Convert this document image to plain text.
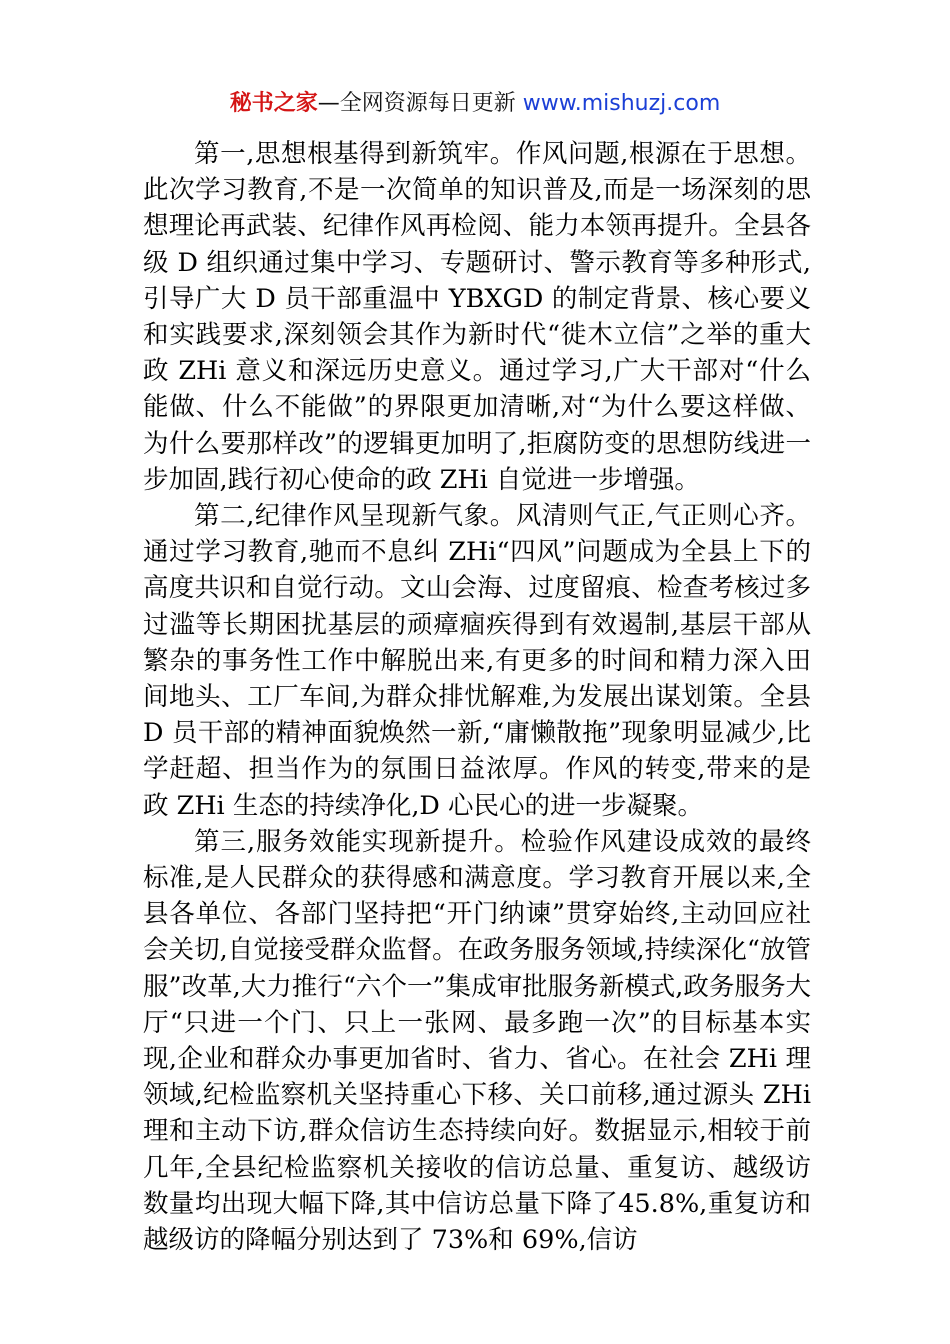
秘书之家—全网资源每日更新 www.mishuzj.com

第一,思想根基得到新筑牢。作风问题,根源在于思想。此次学习教育,不是一次简单的知识普及,而是一场深刻的思想理论再武装、纪律作风再检阅、能力本领再提升。全县各级 D 组织通过集中学习、专题研讨、警示教育等多种形式,引导广大 D 员干部重温中 YBXGD 的制定背景、核心要义和实践要求,深刻领会其作为新时代“徙木立信”之举的重大政 ZHi 意义和深远历史意义。通过学习,广大干部对“什么能做、什么不能做”的界限更加清晰,对“为什么要这样做、为什么要那样改”的逻辑更加明了,拒腐防变的思想防线进一步加固,践行初心使命的政 ZHi 自觉进一步增强。

第二,纪律作风呈现新气象。风清则气正,气正则心齐。通过学习教育,驰而不息纠 ZHi“四风”问题成为全县上下的高度共识和自觉行动。文山会海、过度留痕、检查考核过多过滥等长期困扰基层的顽瘴痼疾得到有效遏制,基层干部从繁杂的事务性工作中解脱出来,有更多的时间和精力深入田间地头、工厂车间,为群众排忧解难,为发展出谋划策。全县 D 员干部的精神面貌焕然一新,“庸懒散拖”现象明显减少,比学赶超、担当作为的氛围日益浓厚。作风的转变,带来的是政 ZHi 生态的持续净化,D 心民心的进一步凝聚。

第三,服务效能实现新提升。检验作风建设成效的最终标准,是人民群众的获得感和满意度。学习教育开展以来,全县各单位、各部门坚持把“开门纳谏”贯穿始终,主动回应社会关切,自觉接受群众监督。在政务服务领域,持续深化“放管服”改革,大力推行“六个一”集成审批服务新模式,政务服务大厅“只进一个门、只上一张网、最多跑一次”的目标基本实现,企业和群众办事更加省时、省力、省心。在社会 ZHi 理领域,纪检监察机关坚持重心下移、关口前移,通过源头 ZHi 理和主动下访,群众信访生态持续向好。数据显示,相较于前几年,全县纪检监察机关接收的信访总量、重复访、越级访数量均出现大幅下降,其中信访总量下降了45.8%,重复访和越级访的降幅分别达到了 73%和 69%,信访
